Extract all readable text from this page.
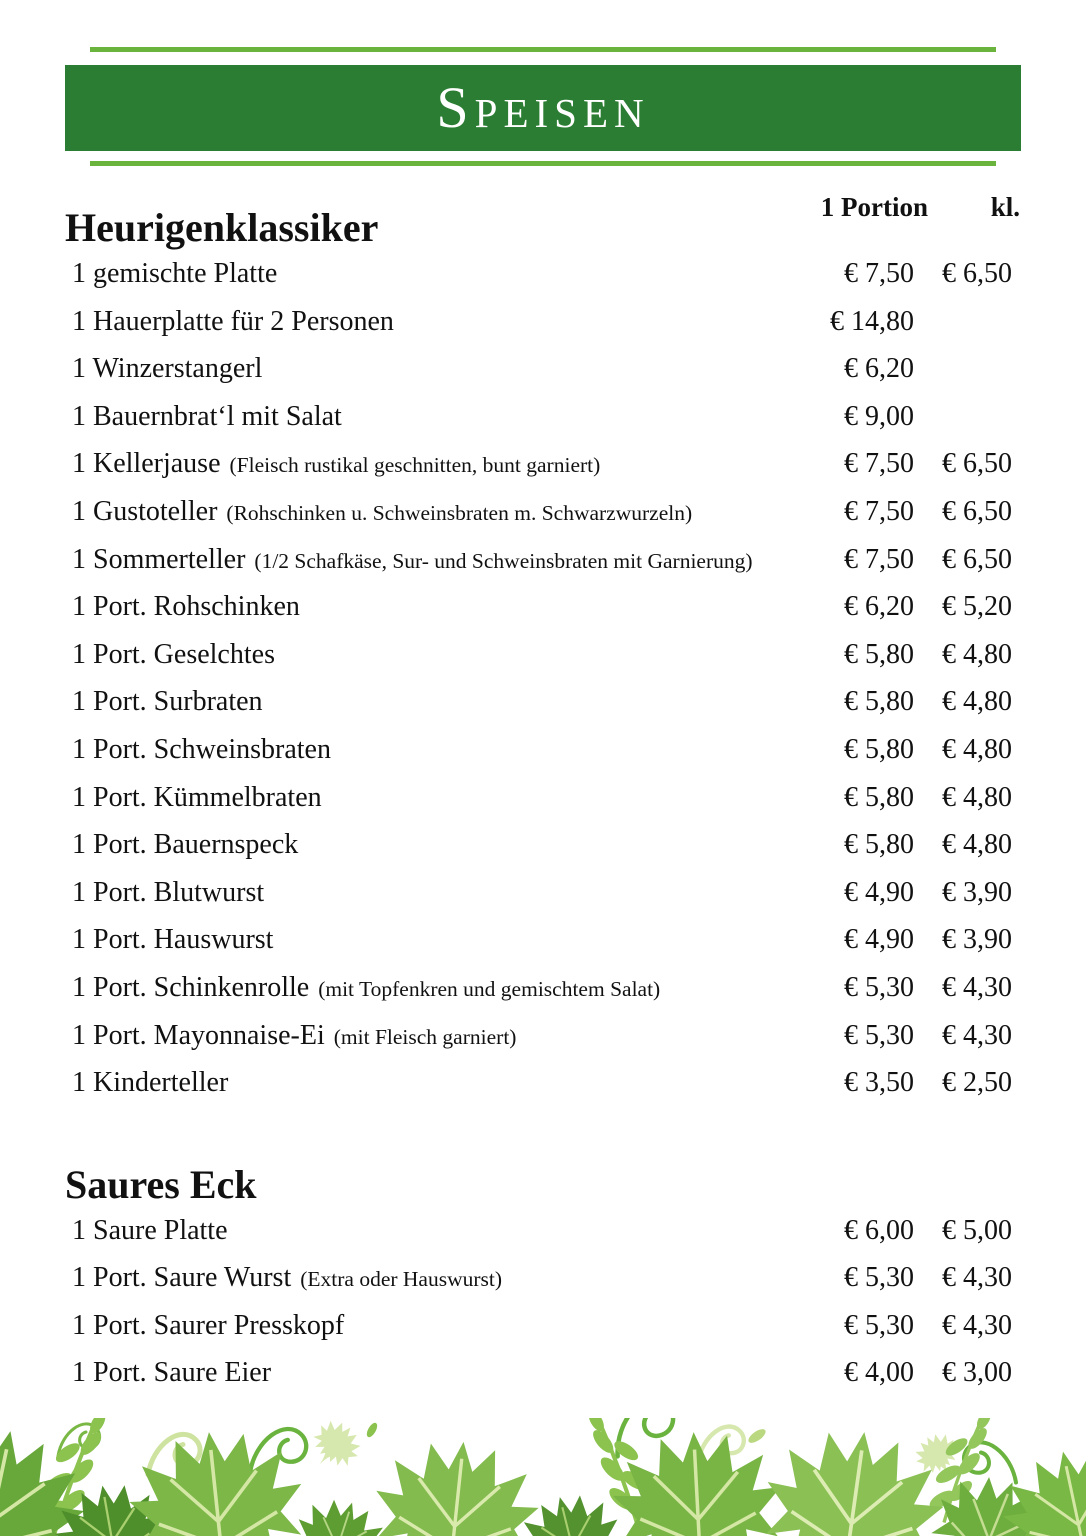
Speisen
1 Portion	kl.
Heurigenklassiker
1 gemischte Platte	€ 7,50	€ 6,50
1 Hauerplatte für 2 Personen	€ 14,80
1 Winzerstangerl	€ 6,20
1 Bauernbrat‘l mit Salat	€ 9,00
1 Kellerjause (Fleisch rustikal geschnitten, bunt garniert)	€ 7,50	€ 6,50
1 Gustoteller (Rohschinken u. Schweinsbraten m. Schwarzwurzeln)	€ 7,50	€ 6,50
1 Sommerteller (1/2 Schafkäse, Sur- und Schweinsbraten mit Garnierung)	€ 7,50	€ 6,50
1 Port. Rohschinken	€ 6,20	€ 5,20
1 Port. Geselchtes	€ 5,80	€ 4,80
1 Port. Surbraten	€ 5,80	€ 4,80
1 Port. Schweinsbraten	€ 5,80	€ 4,80
1 Port. Kümmelbraten	€ 5,80	€ 4,80
1 Port. Bauernspeck	€ 5,80	€ 4,80
1 Port. Blutwurst	€ 4,90	€ 3,90
1 Port. Hauswurst	€ 4,90	€ 3,90
1 Port. Schinkenrolle (mit Topfenkren und gemischtem Salat)	€ 5,30	€ 4,30
1 Port. Mayonnaise-Ei (mit Fleisch garniert)	€ 5,30	€ 4,30
1 Kinderteller	€ 3,50	€ 2,50
Saures Eck
1 Saure Platte	€ 6,00	€ 5,00
1 Port. Saure Wurst (Extra oder Hauswurst)	€ 5,30	€ 4,30
1 Port. Saurer Presskopf	€ 5,30	€ 4,30
1 Port. Saure Eier	€ 4,00	€ 3,00
